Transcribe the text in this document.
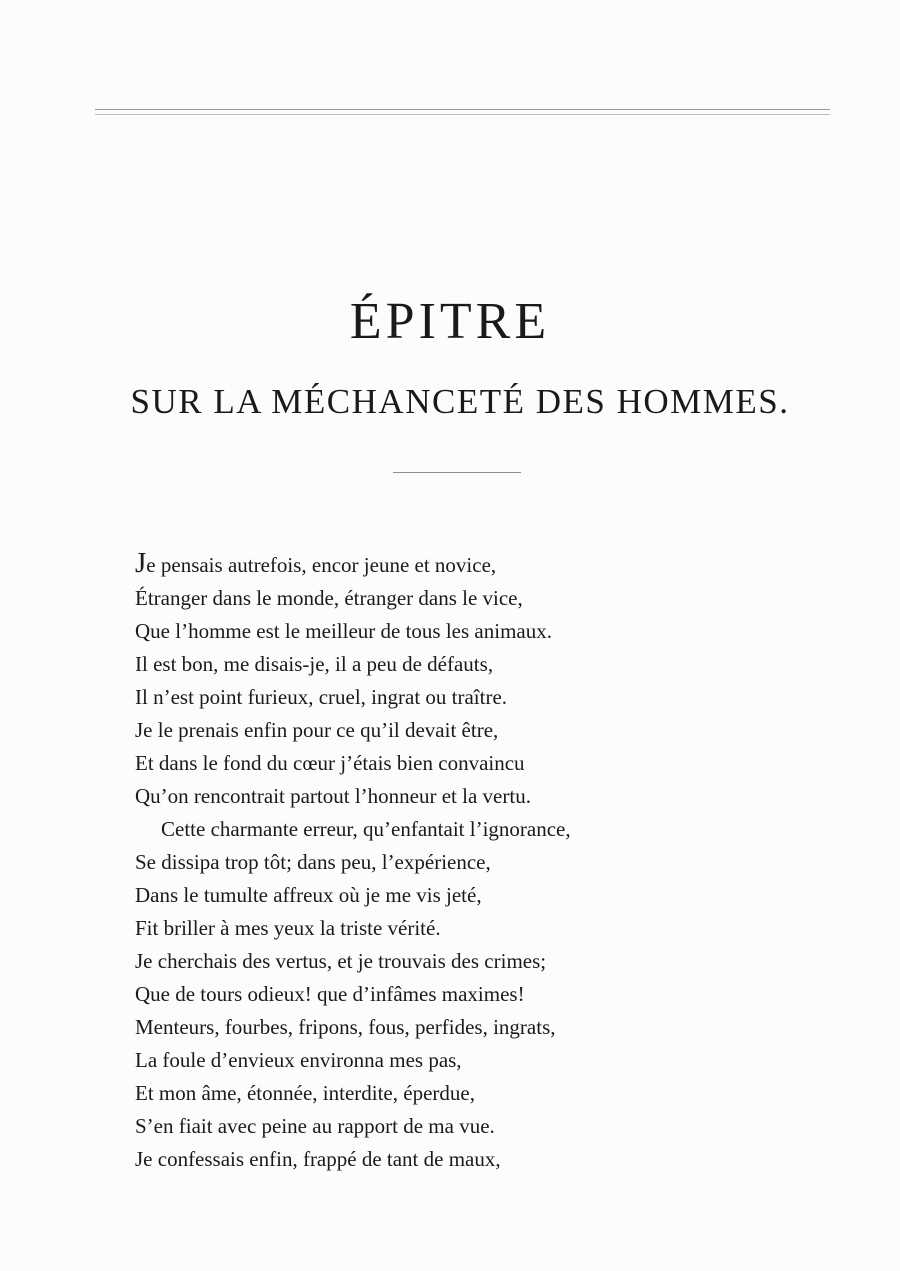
ÉPITRE
SUR LA MÉCHANCETÉ DES HOMMES.
Je pensais autrefois, encor jeune et novice,
Étranger dans le monde, étranger dans le vice,
Que l’homme est le meilleur de tous les animaux.
Il est bon, me disais-je, il a peu de défauts,
Il n’est point furieux, cruel, ingrat ou traître.
Je le prenais enfin pour ce qu’il devait être,
Et dans le fond du cœur j’étais bien convaincu
Qu’on rencontrait partout l’honneur et la vertu.
Cette charmante erreur, qu’enfantait l’ignorance,
Se dissipa trop tôt; dans peu, l’expérience,
Dans le tumulte affreux où je me vis jeté,
Fit briller à mes yeux la triste vérité.
Je cherchais des vertus, et je trouvais des crimes;
Que de tours odieux! que d’infâmes maximes!
Menteurs, fourbes, fripons, fous, perfides, ingrats,
La foule d’envieux environna mes pas,
Et mon âme, étonnée, interdite, éperdue,
S’en fiait avec peine au rapport de ma vue.
Je confessais enfin, frappé de tant de maux,
